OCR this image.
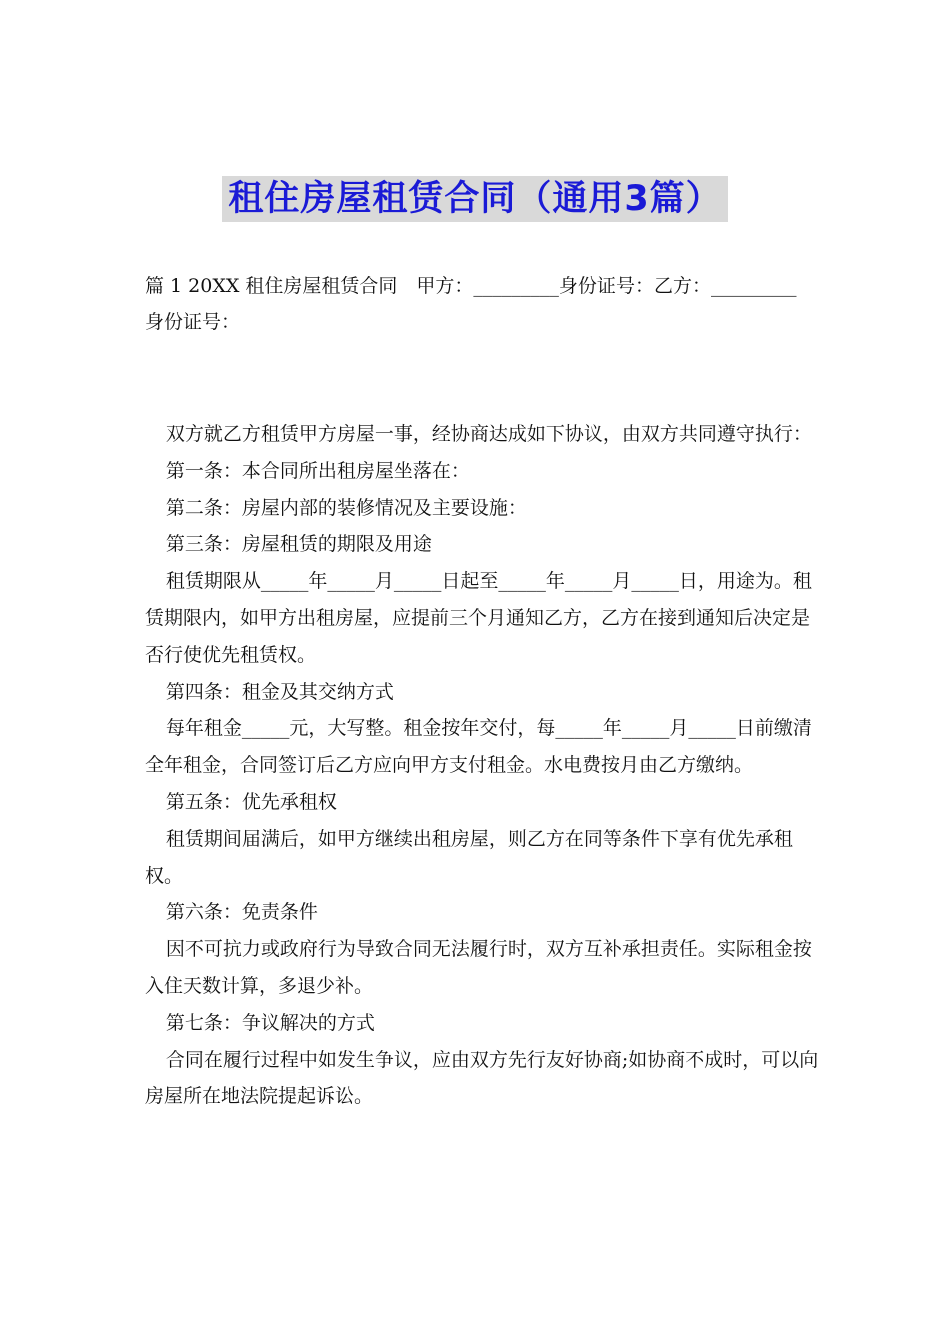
租住房屋租赁合同（通用3篇）

篇 1 20XX 租住房屋租赁合同　甲方：_________身份证号：乙方：_________身份证号：

双方就乙方租赁甲方房屋一事，经协商达成如下协议，由双方共同遵守执行：

第一条：本合同所出租房屋坐落在：

第二条：房屋内部的装修情况及主要设施：

第三条：房屋租赁的期限及用途

租赁期限从_____年_____月_____日起至_____年_____月_____日，用途为。租赁期限内，如甲方出租房屋，应提前三个月通知乙方，乙方在接到通知后决定是否行使优先租赁权。

第四条：租金及其交纳方式

每年租金_____元，大写整。租金按年交付，每_____年_____月_____日前缴清全年租金，合同签订后乙方应向甲方支付租金。水电费按月由乙方缴纳。

第五条：优先承租权

租赁期间届满后，如甲方继续出租房屋，则乙方在同等条件下享有优先承租权。

第六条：免责条件

因不可抗力或政府行为导致合同无法履行时，双方互补承担责任。实际租金按入住天数计算，多退少补。

第七条：争议解决的方式

合同在履行过程中如发生争议，应由双方先行友好协商;如协商不成时，可以向房屋所在地法院提起诉讼。
